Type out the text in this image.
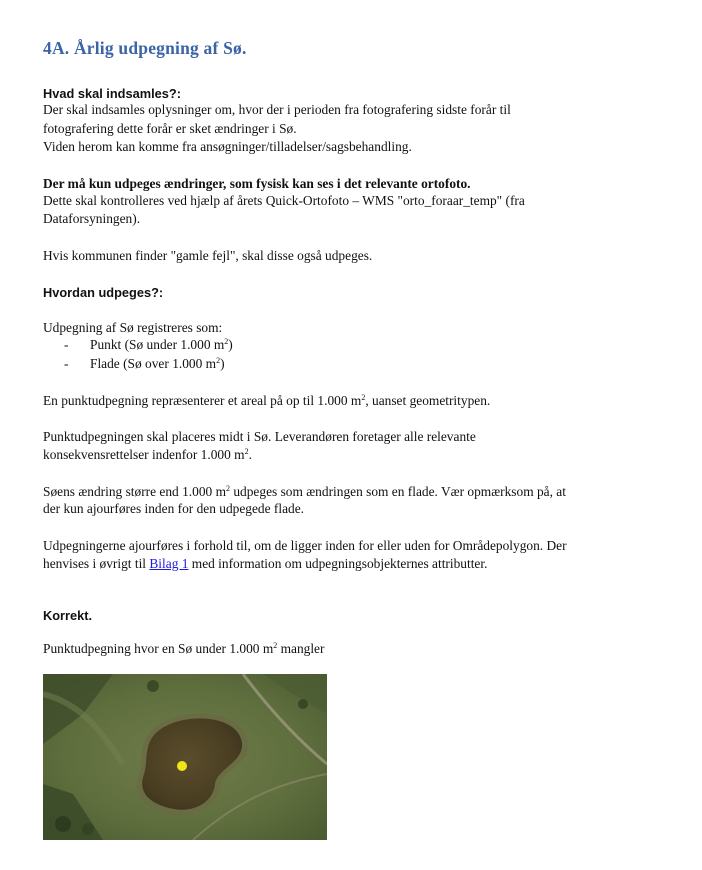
4A. Årlig udpegning af Sø.
Hvad skal indsamles?:
Der skal indsamles oplysninger om, hvor der i perioden fra fotografering sidste forår til
fotografering dette forår er sket ændringer i Sø.
Viden herom kan komme fra ansøgninger/tilladelser/sagsbehandling.
Der må kun udpeges ændringer, som fysisk kan ses i det relevante ortofoto.
Dette skal kontrolleres ved hjælp af årets Quick-Ortofoto – WMS "orto_foraar_temp" (fra
Dataforsyningen).
Hvis kommunen finder "gamle fejl", skal disse også udpeges.
Hvordan udpeges?:
Udpegning af Sø registreres som:
- Punkt (Sø under 1.000 $m^2$)
- Flade (Sø over 1.000 $m^2$)
En punktudpegning repræsenterer et areal på op til 1.000 $m^2$, uanset geometritypen.
Punktudpegningen skal placeres midt i Sø. Leverandøren foretager alle relevante
konsekvensrettelser indenfor 1.000 $m^2$.
Søens ændring større end 1.000 $m^2$ udpeges som ændringen som en flade. Vær opmærksom på, at
der kun ajourføres inden for den udpegede flade.
Udpegningerne ajourføres i forhold til, om de ligger inden for eller uden for Områdepolygon. Der
henvises i øvrigt til Bilag 1 med information om udpegningsobjekternes attributter.
Korrekt.
Punktudpegning hvor en Sø under 1.000 $m^2$ mangler
